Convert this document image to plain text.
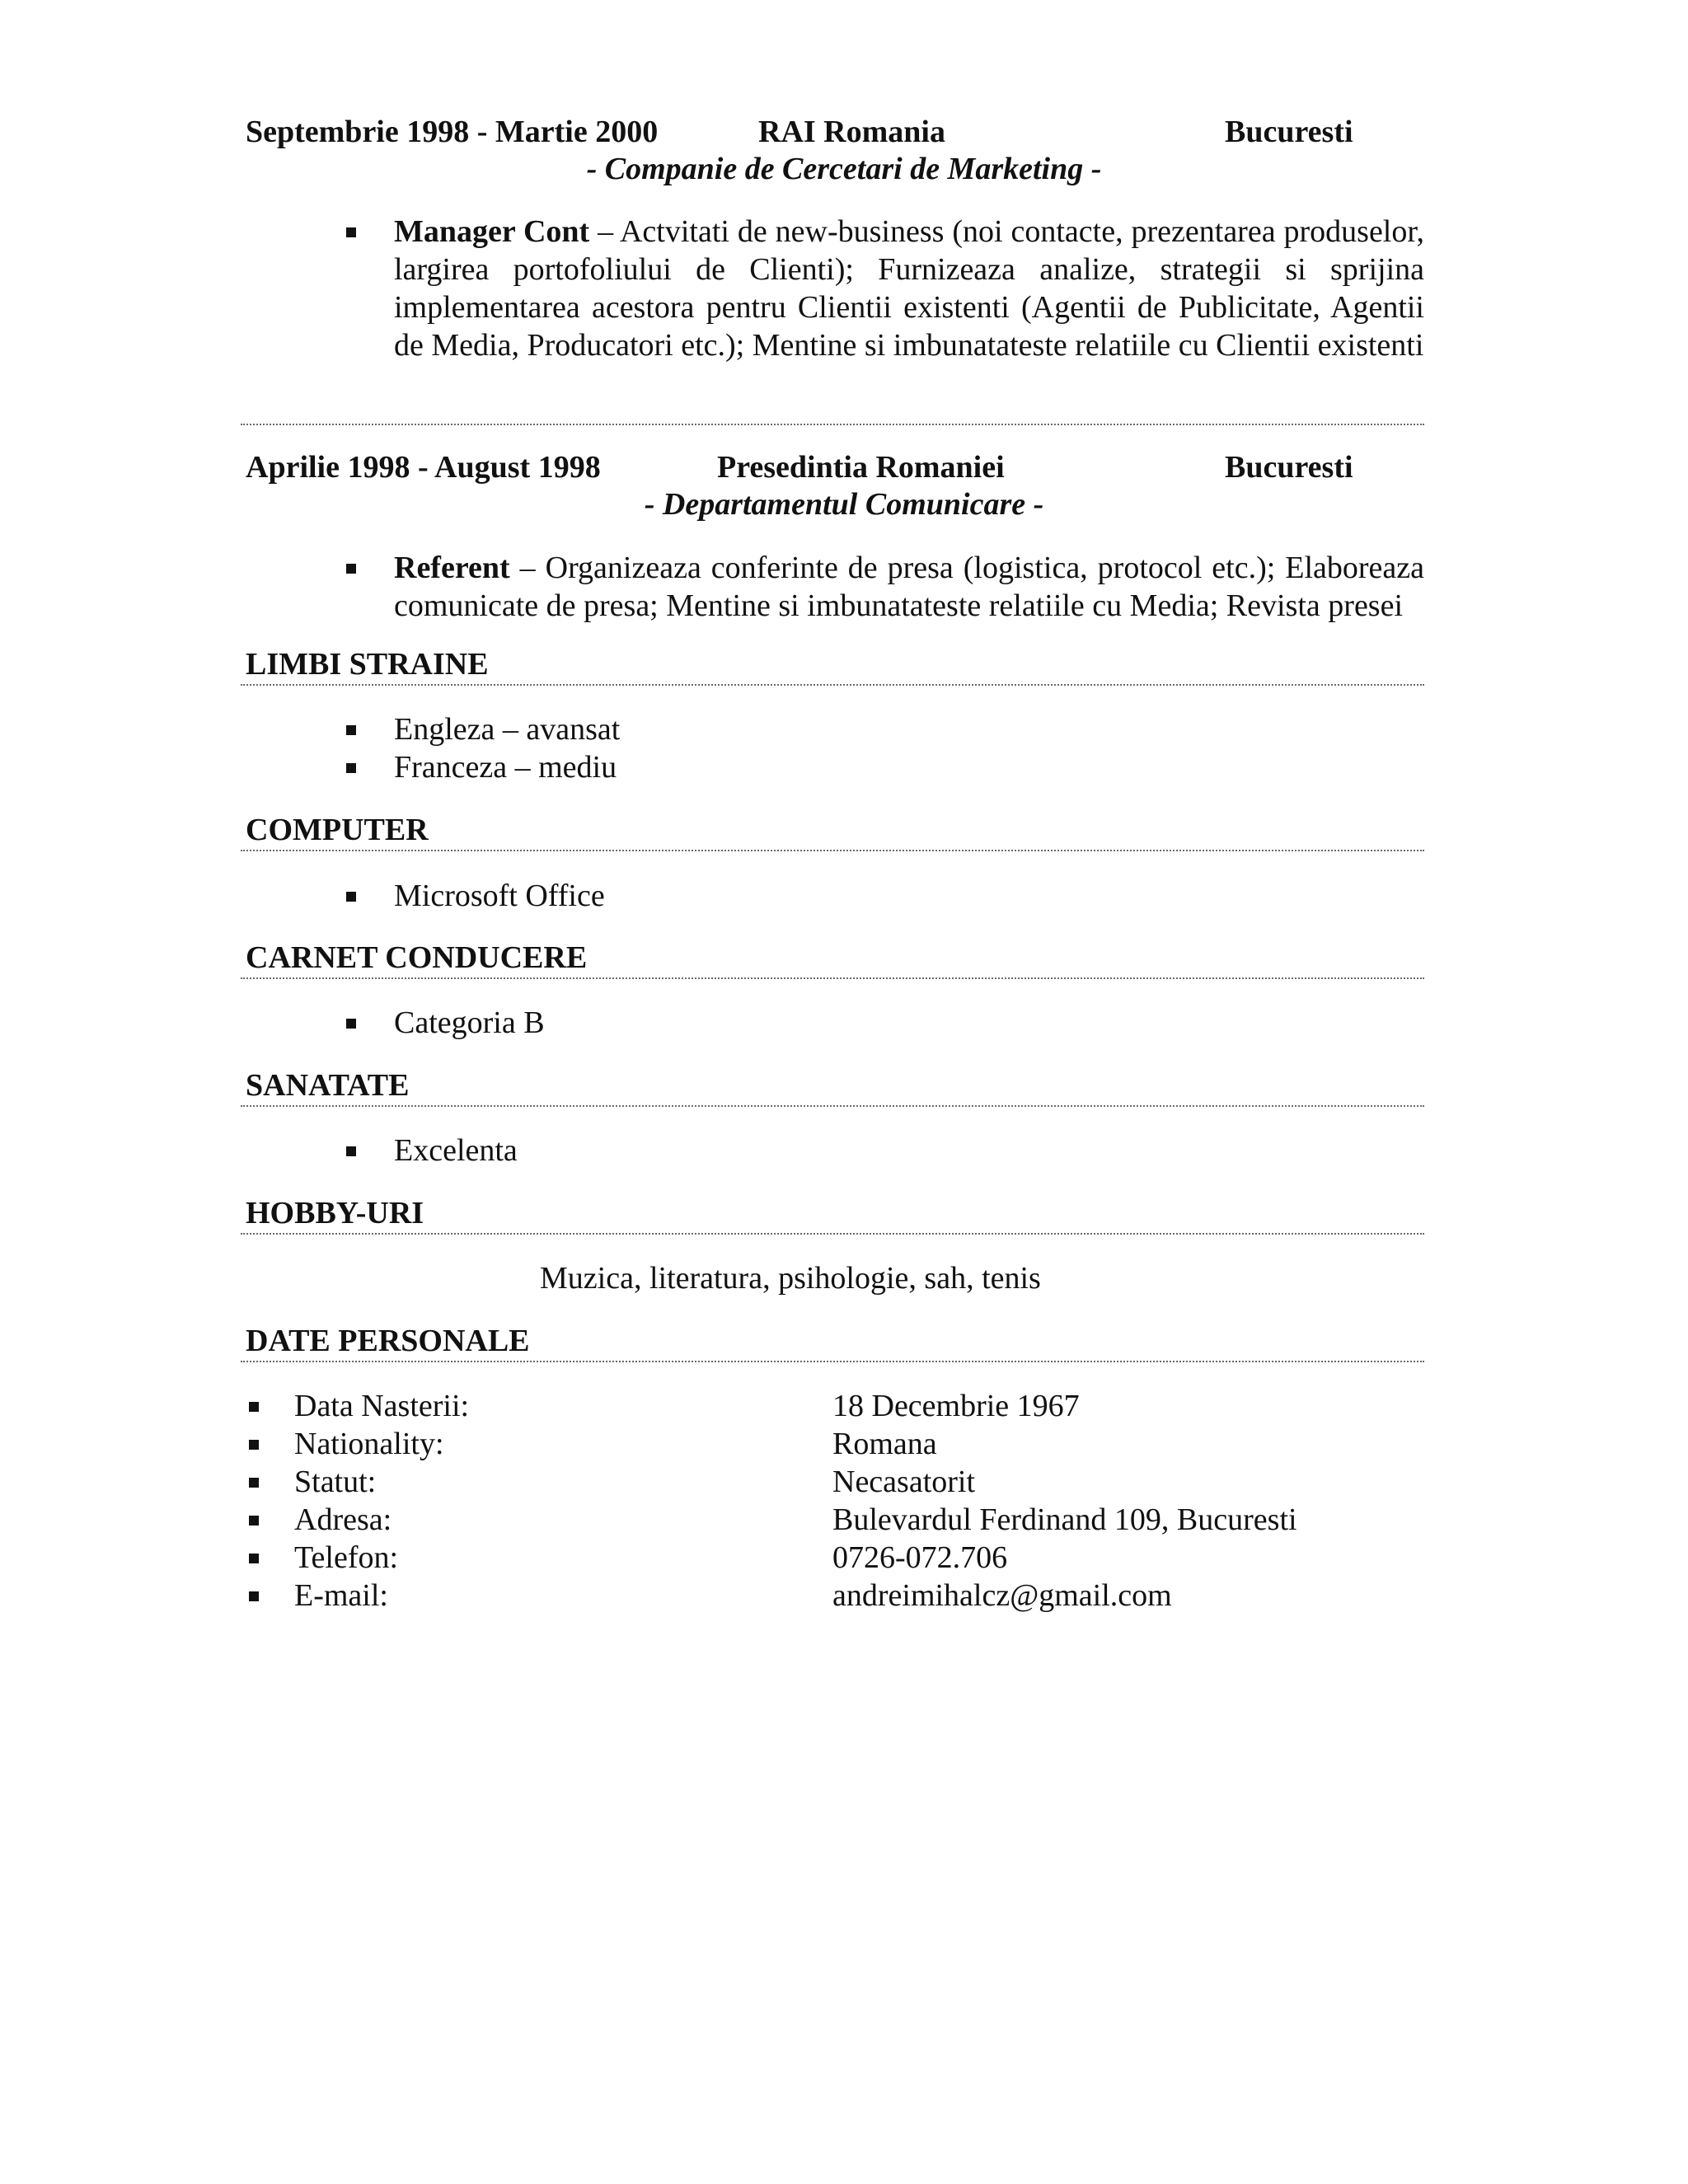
Septembrie 1998 - Martie 2000	RAI Romania	Bucuresti
- Companie de Cercetari de Marketing -
Manager Cont – Actvitati de new-business (noi contacte, prezentarea produselor, largirea portofoliului de Clienti); Furnizeaza analize, strategii si sprijina implementarea acestora pentru Clientii existenti (Agentii de Publicitate, Agentii de Media, Producatori etc.); Mentine si imbunatateste relatiile cu Clientii existenti
Aprilie 1998 - August 1998	Presedintia Romaniei	Bucuresti
- Departamentul Comunicare -
Referent – Organizeaza conferinte de presa (logistica, protocol etc.); Elaboreaza comunicate de presa; Mentine si imbunatateste relatiile cu Media; Revista presei
LIMBI STRAINE
Engleza – avansat
Franceza – mediu
COMPUTER
Microsoft Office
CARNET CONDUCERE
Categoria B
SANATATE
Excelenta
HOBBY-URI
Muzica, literatura, psihologie, sah, tenis
DATE PERSONALE
Data Nasterii:	18 Decembrie 1967
Nationality:	Romana
Statut:	Necasatorit
Adresa:	Bulevardul Ferdinand 109, Bucuresti
Telefon:	0726-072.706
E-mail:	andreimihalcz@gmail.com
